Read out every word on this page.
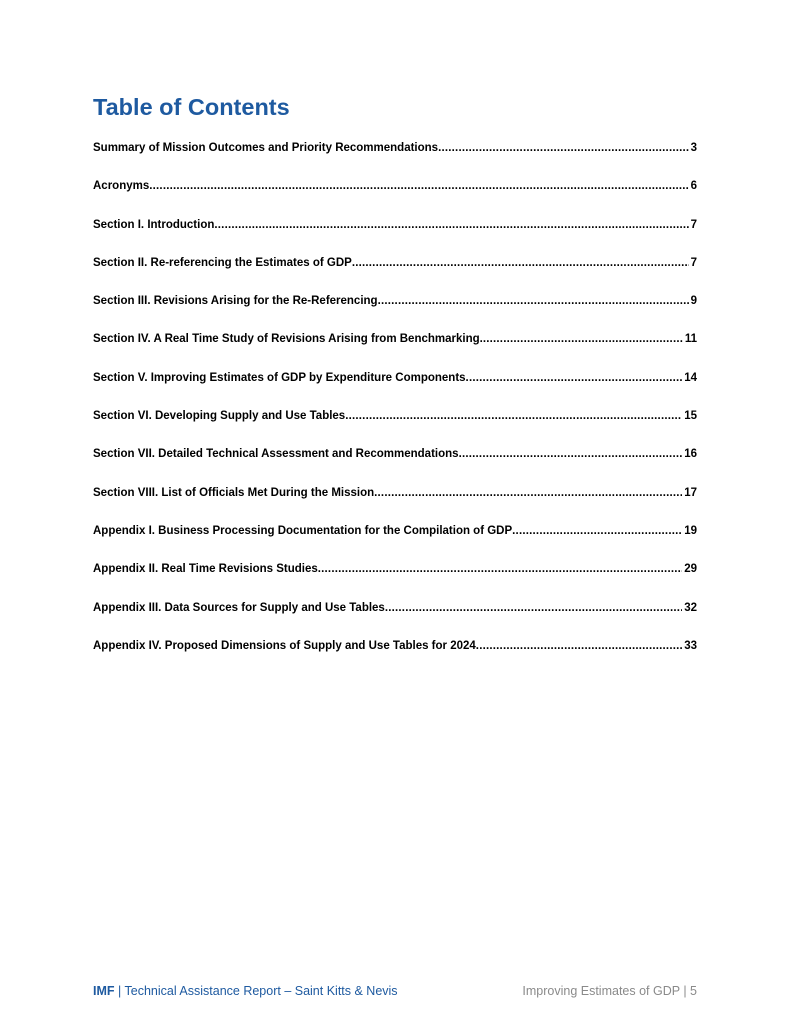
Table of Contents
Summary of Mission Outcomes and Priority Recommendations .....	3
Acronyms .....	6
Section I. Introduction .....	7
Section II. Re-referencing the Estimates of GDP .....	7
Section III. Revisions Arising for the Re-Referencing .....	9
Section IV. A Real Time Study of Revisions Arising from Benchmarking. .....	11
Section V. Improving Estimates of GDP by Expenditure Components .....	14
Section VI. Developing Supply and Use Tables .....	15
Section VII. Detailed Technical Assessment and Recommendations .....	16
Section VIII. List of Officials Met During the Mission .....	17
Appendix I. Business Processing Documentation for the Compilation of GDP .....	19
Appendix II. Real Time Revisions Studies .....	29
Appendix III. Data Sources for Supply and Use Tables .....	32
Appendix IV. Proposed Dimensions of Supply and Use Tables for 2024 .....	33
IMF | Technical Assistance Report – Saint Kitts & Nevis	Improving Estimates of GDP | 5
